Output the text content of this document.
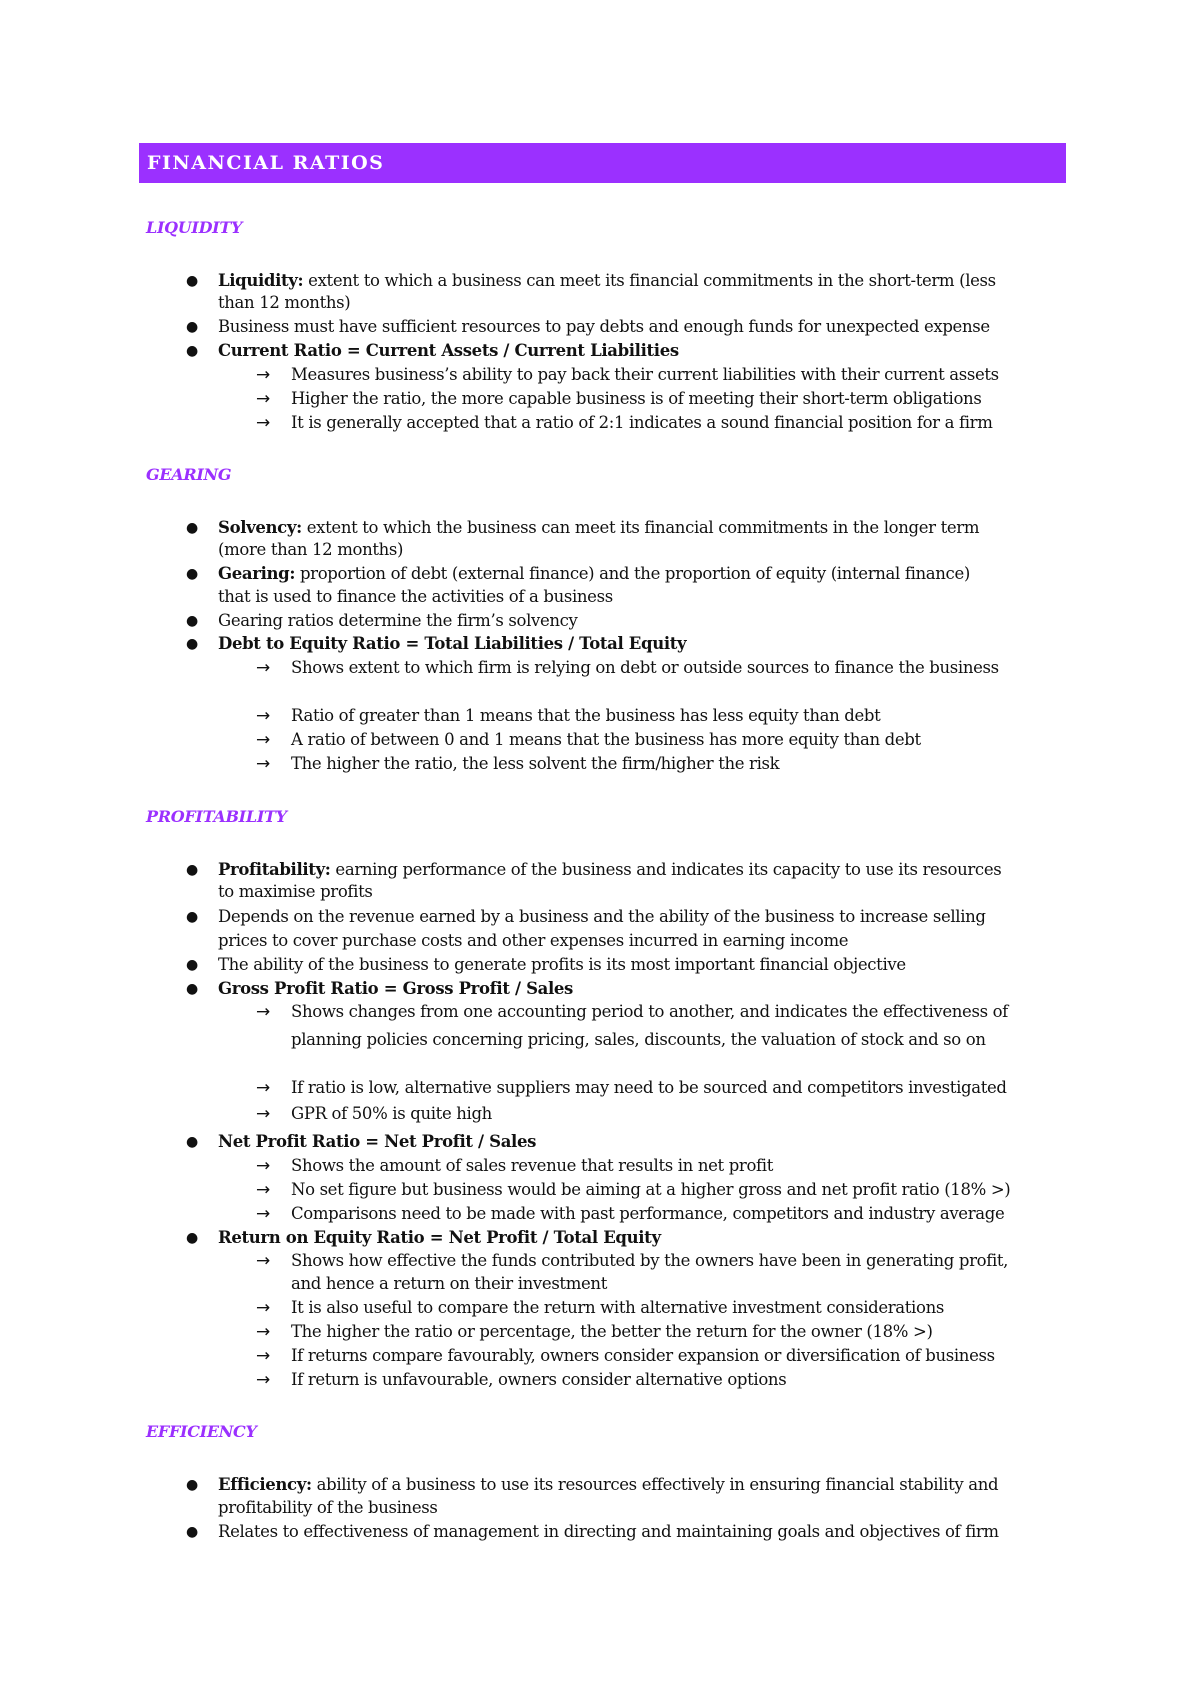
FINANCIAL RATIOS
LIQUIDITY
● Liquidity: extent to which a business can meet its financial commitments in the short-term (less
than 12 months)
● Business must have sufficient resources to pay debts and enough funds for unexpected expense
● Current Ratio = Current Assets / Current Liabilities
→ Measures business’s ability to pay back their current liabilities with their current assets
→ Higher the ratio, the more capable business is of meeting their short-term obligations
→ It is generally accepted that a ratio of 2:1 indicates a sound financial position for a firm
GEARING
● Solvency: extent to which the business can meet its financial commitments in the longer term
(more than 12 months)
● Gearing: proportion of debt (external finance) and the proportion of equity (internal finance)
that is used to finance the activities of a business
● Gearing ratios determine the firm’s solvency
● Debt to Equity Ratio = Total Liabilities / Total Equity
→ Shows extent to which firm is relying on debt or outside sources to finance the business
→ Ratio of greater than 1 means that the business has less equity than debt
→ A ratio of between 0 and 1 means that the business has more equity than debt
→ The higher the ratio, the less solvent the firm/higher the risk
PROFITABILITY
● Profitability: earning performance of the business and indicates its capacity to use its resources
to maximise profits
● Depends on the revenue earned by a business and the ability of the business to increase selling
prices to cover purchase costs and other expenses incurred in earning income
● The ability of the business to generate profits is its most important financial objective
● Gross Profit Ratio = Gross Profit / Sales
→ Shows changes from one accounting period to another, and indicates the effectiveness of
planning policies concerning pricing, sales, discounts, the valuation of stock and so on
→ If ratio is low, alternative suppliers may need to be sourced and competitors investigated
→ GPR of 50% is quite high
● Net Profit Ratio = Net Profit / Sales
→ Shows the amount of sales revenue that results in net profit
→ No set figure but business would be aiming at a higher gross and net profit ratio (18% >)
→ Comparisons need to be made with past performance, competitors and industry average
● Return on Equity Ratio = Net Profit / Total Equity
→ Shows how effective the funds contributed by the owners have been in generating profit,
and hence a return on their investment
→ It is also useful to compare the return with alternative investment considerations
→ The higher the ratio or percentage, the better the return for the owner (18% >)
→ If returns compare favourably, owners consider expansion or diversification of business
→ If return is unfavourable, owners consider alternative options
EFFICIENCY
● Efficiency: ability of a business to use its resources effectively in ensuring financial stability and
profitability of the business
● Relates to effectiveness of management in directing and maintaining goals and objectives of firm
